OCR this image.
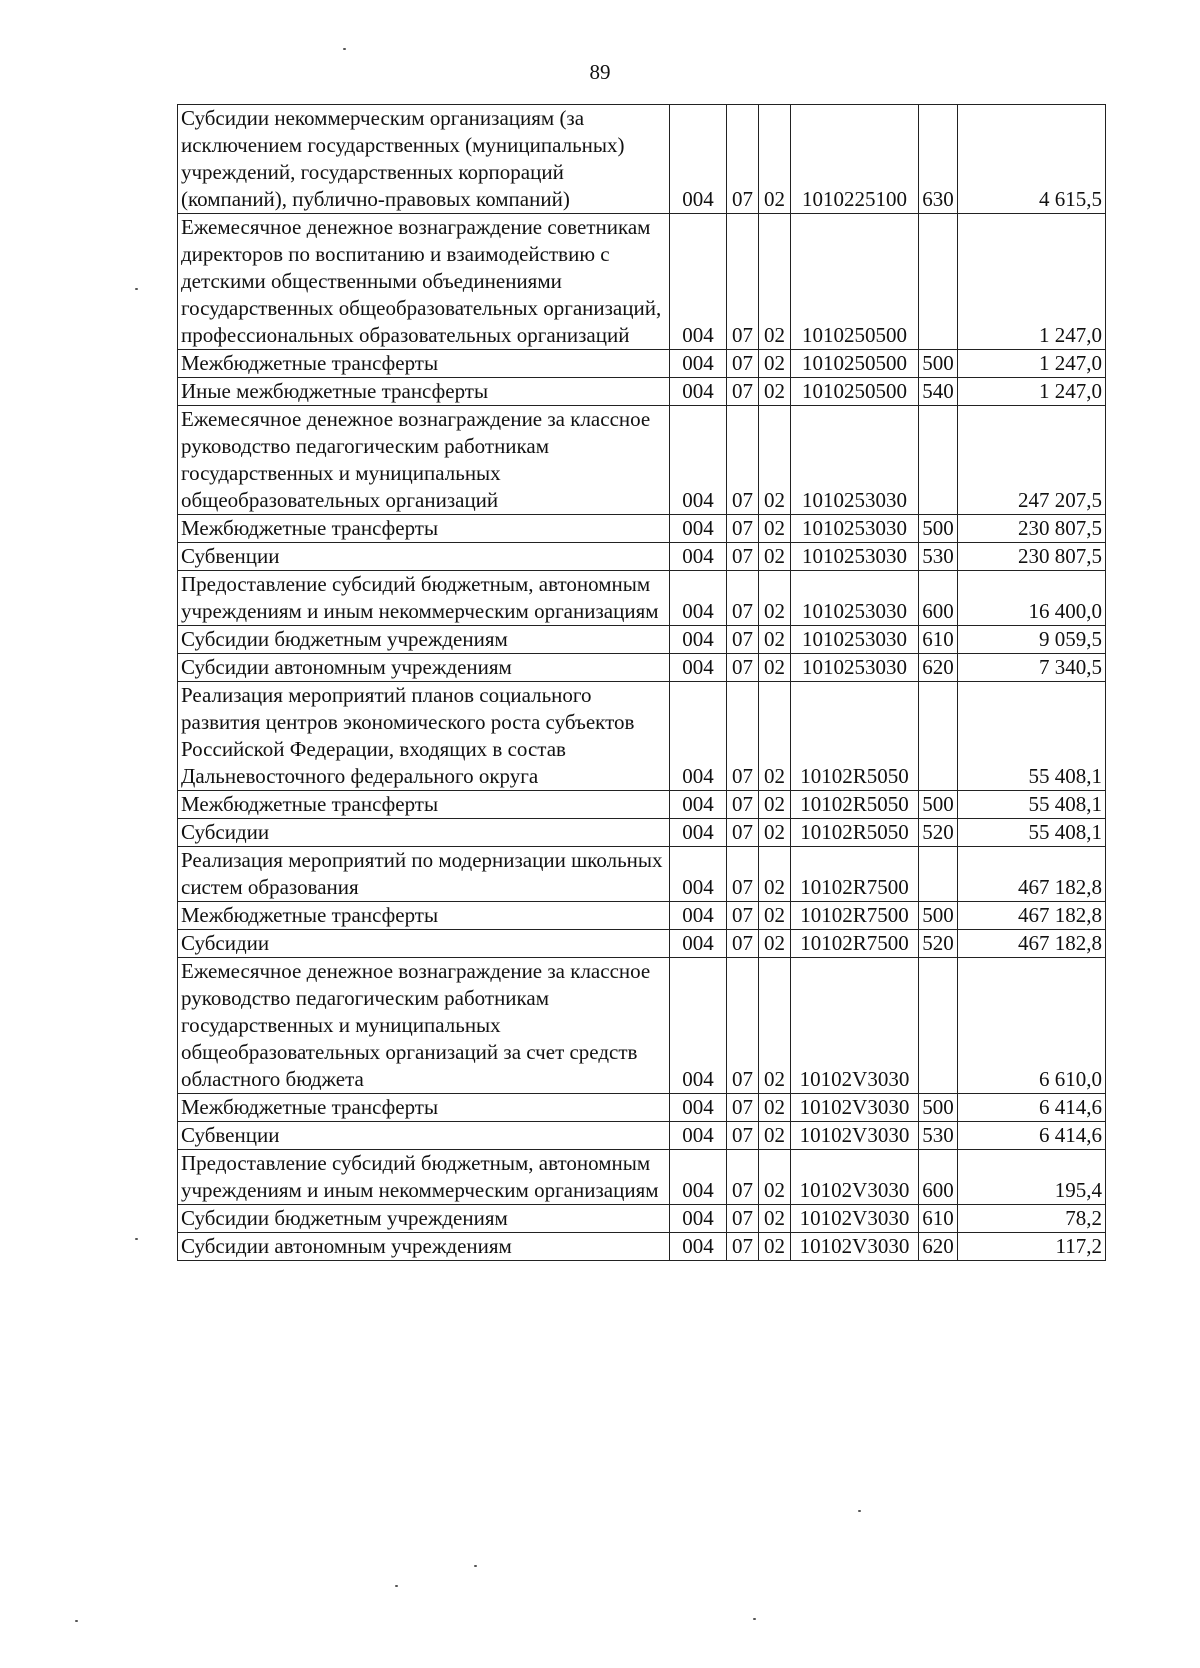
89
Субсидии некоммерческим организациям (за исключением государственных (муниципальных) учреждений, государственных корпораций (компаний), публично-правовых компаний)	004	07	02	1010225100	630	4 615,5
Ежемесячное денежное вознаграждение советникам директоров по воспитанию и взаимодействию с детскими общественными объединениями государственных общеобразовательных организаций, профессиональных образовательных организаций	004	07	02	1010250500		1 247,0
Межбюджетные трансферты	004	07	02	1010250500	500	1 247,0
Иные межбюджетные трансферты	004	07	02	1010250500	540	1 247,0
Ежемесячное денежное вознаграждение за классное руководство педагогическим работникам государственных и муниципальных общеобразовательных организаций	004	07	02	1010253030		247 207,5
Межбюджетные трансферты	004	07	02	1010253030	500	230 807,5
Субвенции	004	07	02	1010253030	530	230 807,5
Предоставление субсидий бюджетным, автономным учреждениям и иным некоммерческим организациям	004	07	02	1010253030	600	16 400,0
Субсидии бюджетным учреждениям	004	07	02	1010253030	610	9 059,5
Субсидии автономным учреждениям	004	07	02	1010253030	620	7 340,5
Реализация мероприятий планов социального развития центров экономического роста субъектов Российской Федерации, входящих в состав Дальневосточного федерального округа	004	07	02	10102R5050		55 408,1
Межбюджетные трансферты	004	07	02	10102R5050	500	55 408,1
Субсидии	004	07	02	10102R5050	520	55 408,1
Реализация мероприятий по модернизации школьных систем образования	004	07	02	10102R7500		467 182,8
Межбюджетные трансферты	004	07	02	10102R7500	500	467 182,8
Субсидии	004	07	02	10102R7500	520	467 182,8
Ежемесячное денежное вознаграждение за классное руководство педагогическим работникам государственных и муниципальных общеобразовательных организаций за счет средств областного бюджета	004	07	02	10102V3030		6 610,0
Межбюджетные трансферты	004	07	02	10102V3030	500	6 414,6
Субвенции	004	07	02	10102V3030	530	6 414,6
Предоставление субсидий бюджетным, автономным учреждениям и иным некоммерческим организациям	004	07	02	10102V3030	600	195,4
Субсидии бюджетным учреждениям	004	07	02	10102V3030	610	78,2
Субсидии автономным учреждениям	004	07	02	10102V3030	620	117,2
